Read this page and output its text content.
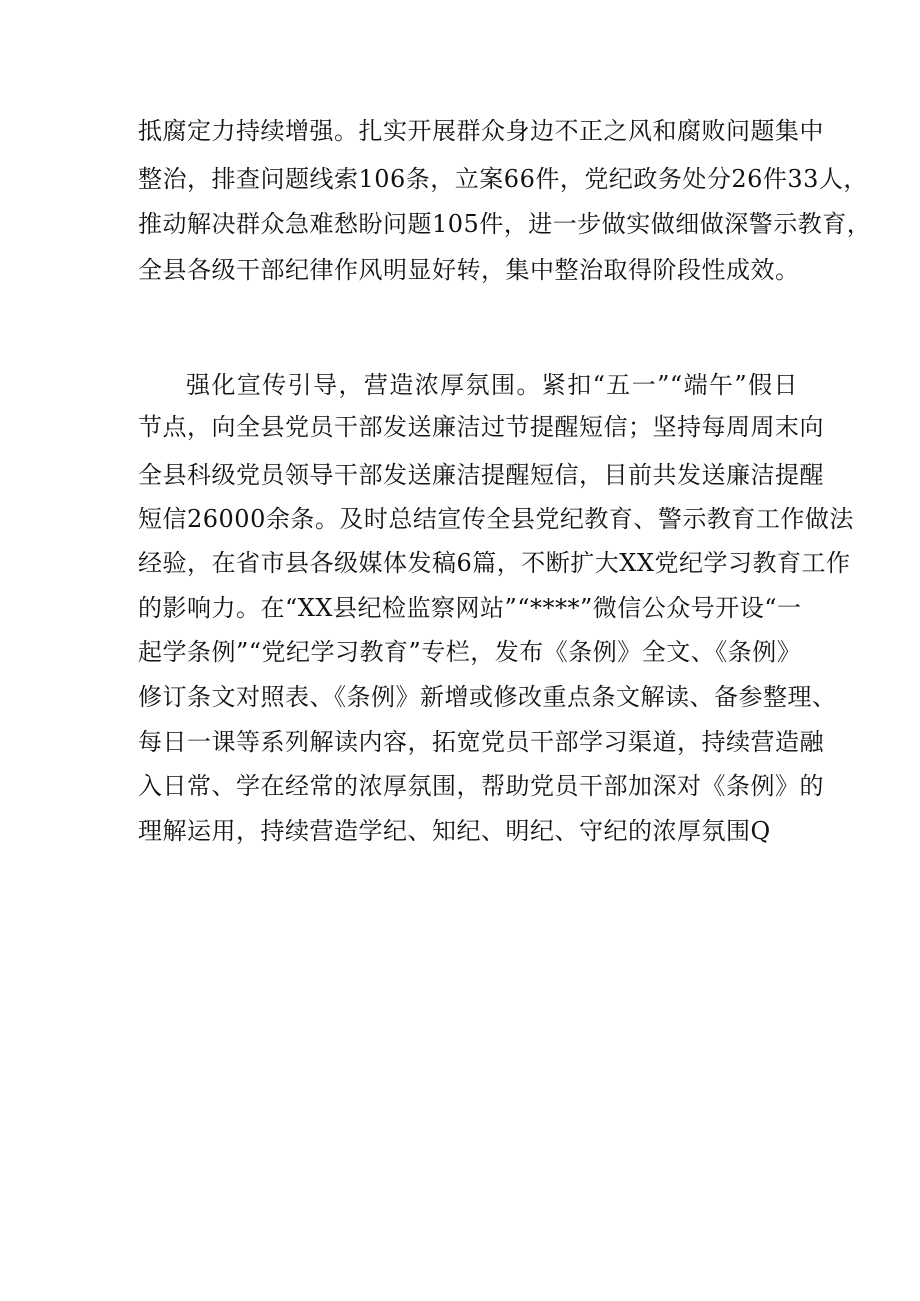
抵腐定力持续增强。扎实开展群众身边不正之风和腐败问题集中
整治，排查问题线索106条，立案66件，党纪政务处分26件33人，
推动解决群众急难愁盼问题105件，进一步做实做细做深警示教育，
全县各级干部纪律作风明显好转，集中整治取得阶段性成效。
强化宣传引导，营造浓厚氛围。紧扣“五一”“端午”假日
节点，向全县党员干部发送廉洁过节提醒短信；坚持每周周末向
全县科级党员领导干部发送廉洁提醒短信，目前共发送廉洁提醒
短信26000余条。及时总结宣传全县党纪教育、警示教育工作做法
经验，在省市县各级媒体发稿6篇，不断扩大XX党纪学习教育工作
的影响力。在“XX县纪检监察网站”“****”微信公众号开设“一
起学条例”“党纪学习教育”专栏，发布《条例》全文、《条例》
修订条文对照表、《条例》新增或修改重点条文解读、备参整理、
每日一课等系列解读内容，拓宽党员干部学习渠道，持续营造融
入日常、学在经常的浓厚氛围，帮助党员干部加深对《条例》的
理解运用，持续营造学纪、知纪、明纪、守纪的浓厚氛围Q
